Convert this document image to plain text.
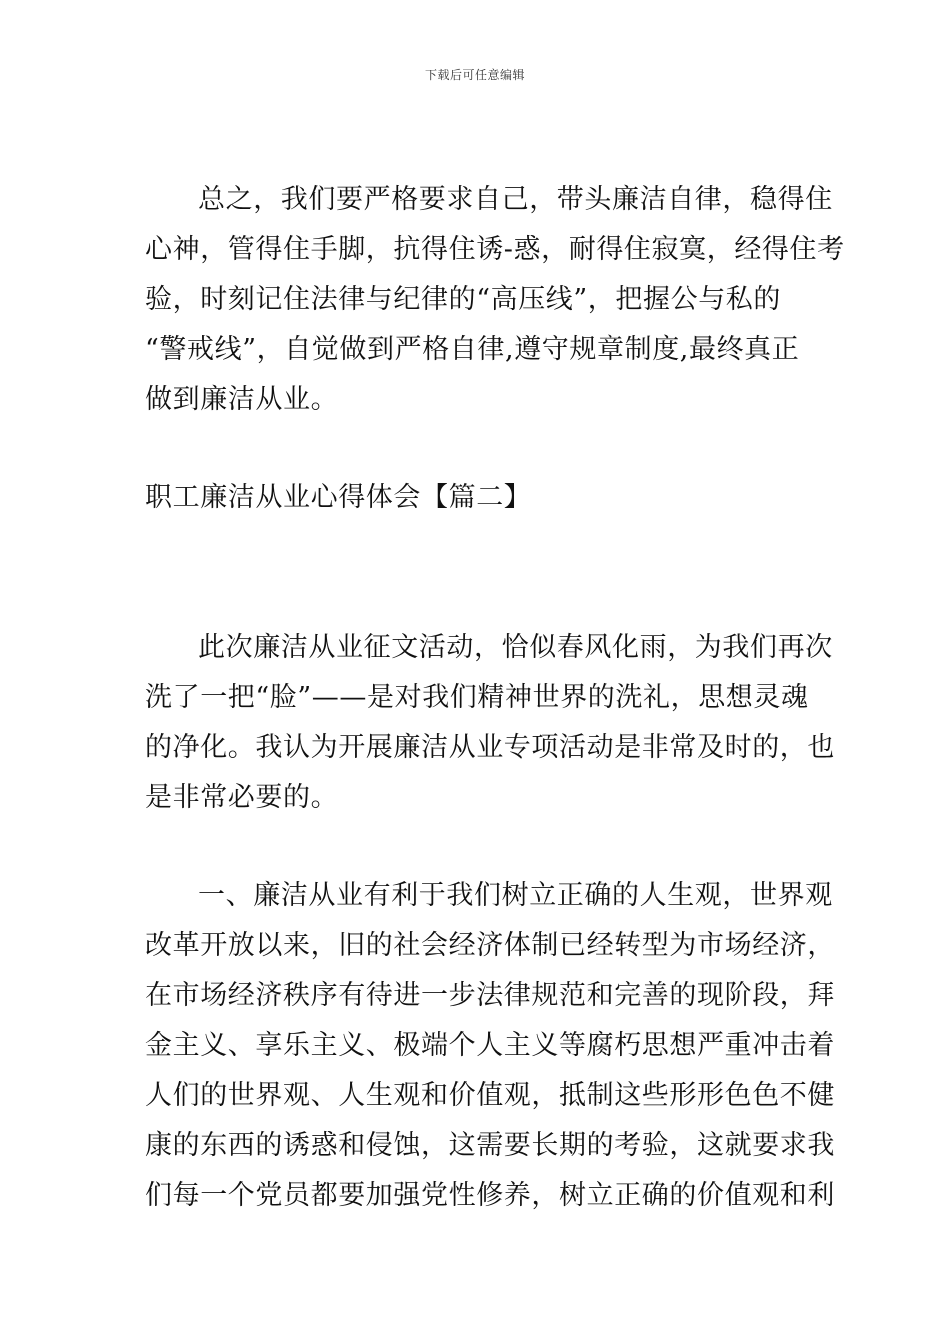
下载后可任意编辑
总之，我们要严格要求自己，带头廉洁自律，稳得住
心神，管得住手脚，抗得住诱-惑，耐得住寂寞，经得住考
验，时刻记住法律与纪律的“高压线”，把握公与私的
“警戒线”，自觉做到严格自律,遵守规章制度,最终真正
做到廉洁从业。
职工廉洁从业心得体会【篇二】
此次廉洁从业征文活动，恰似春风化雨，为我们再次
洗了一把“脸”——是对我们精神世界的洗礼，思想灵魂
的净化。我认为开展廉洁从业专项活动是非常及时的，也
是非常必要的。
一、廉洁从业有利于我们树立正确的人生观，世界观
改革开放以来，旧的社会经济体制已经转型为市场经济，
在市场经济秩序有待进一步法律规范和完善的现阶段，拜
金主义、享乐主义、极端个人主义等腐朽思想严重冲击着
人们的世界观、人生观和价值观，抵制这些形形色色不健
康的东西的诱惑和侵蚀，这需要长期的考验，这就要求我
们每一个党员都要加强党性修养，树立正确的价值观和利
